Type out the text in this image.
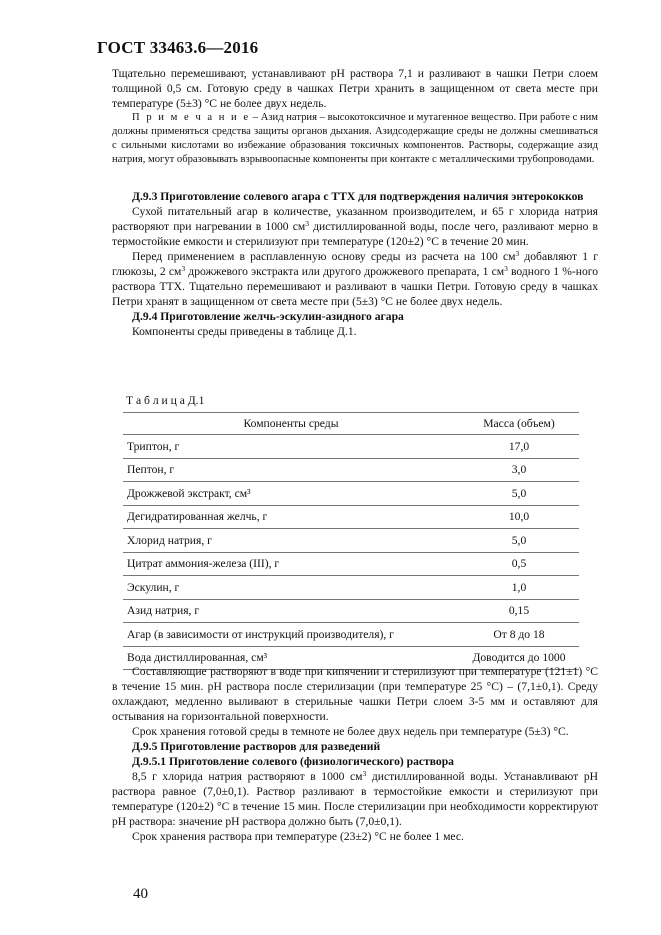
ГОСТ 33463.6—2016

Тщательно перемешивают, устанавливают pH раствора 7,1 и разливают в чашки Петри слоем толщиной 0,5 см. Готовую среду в чашках Петри хранить в защищенном от света месте при температуре (5±3) °С не более двух недель.

П р и м е ч а н и е – Азид натрия – высокотоксичное и мутагенное вещество. При работе с ним должны применяться средства защиты органов дыхания. Азидсодержащие среды не должны смешиваться с сильными кислотами во избежание образования токсичных компонентов. Растворы, содержащие азид натрия, могут образовывать взрывоопасные компоненты при контакте с металлическими трубопроводами.

Д.9.3 Приготовление солевого агара с ТТХ для подтверждения наличия энтерококков

Сухой питательный агар в количестве, указанном производителем, и 65 г хлорида натрия растворяют при нагревании в 1000 $см^3$ дистиллированной воды, после чего, разливают мерно в термостойкие емкости и стерилизуют при температуре (120±2) °С в течение 20 мин.

Перед применением в расплавленную основу среды из расчета на 100 $см^3$ добавляют 1 г глюкозы, 2 $см^3$ дрожжевого экстракта или другого дрожжевого препарата, 1 $см^3$ водного 1 %-ного раствора ТТХ. Тщательно перемешивают и разливают в чашки Петри. Готовую среду в чашках Петри хранят в защищенном от света месте при (5±3) °С не более двух недель.

Д.9.4 Приготовление желчь-эскулин-азидного агара

Компоненты среды приведены в таблице Д.1.

Т а б л и ц а Д.1
Компоненты среды	Масса (объем)
Триптон, г	17,0
Пептон, г	3,0
Дрожжевой экстракт, см³	5,0
Дегидратированная желчь, г	10,0
Хлорид натрия, г	5,0
Цитрат аммония-железа (III), г	0,5
Эскулин, г	1,0
Азид натрия, г	0,15
Агар (в зависимости от инструкций производителя), г	От 8 до 18
Вода дистиллированная, см³	Доводится до 1000

Составляющие растворяют в воде при кипячении и стерилизуют при температуре (121±1) °С в течение 15 мин. pH раствора после стерилизации (при температуре 25 °С) – (7,1±0,1). Среду охлаждают, медленно выливают в стерильные чашки Петри слоем 3-5 мм и оставляют для остывания на горизонтальной поверхности.

Срок хранения готовой среды в темноте не более двух недель при температуре (5±3) °С.

Д.9.5 Приготовление растворов для разведений

Д.9.5.1 Приготовление солевого (физиологического) раствора

8,5 г хлорида натрия растворяют в 1000 $см^3$ дистиллированной воды. Устанавливают pH раствора равное (7,0±0,1). Раствор разливают в термостойкие емкости и стерилизуют при температуре (120±2) °С в течение 15 мин. После стерилизации при необходимости корректируют pH раствора: значение pH раствора должно быть (7,0±0,1).

Срок хранения раствора при температуре (23±2) °С не более 1 мес.

40
